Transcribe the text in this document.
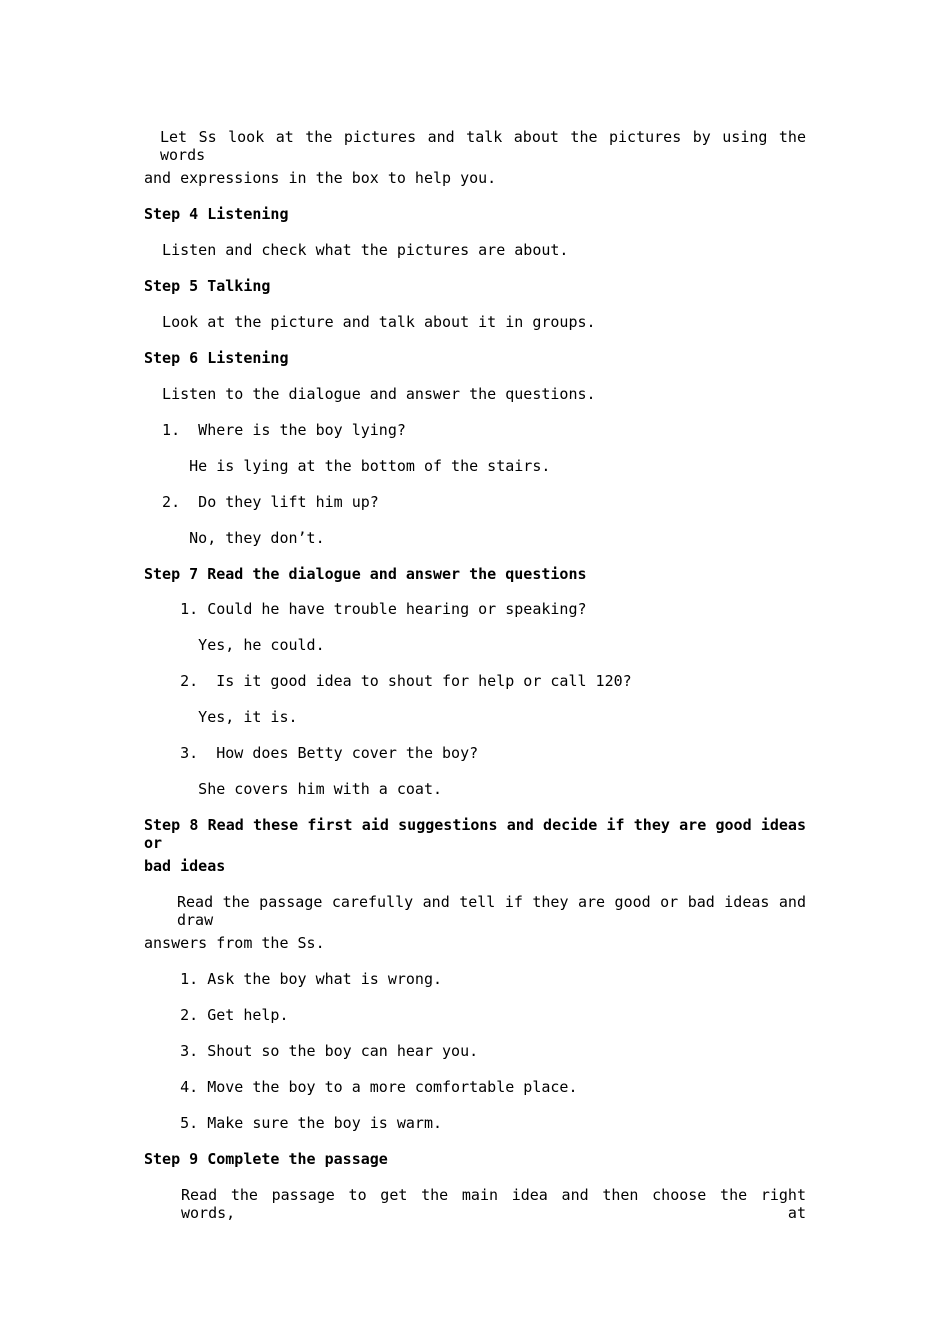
Let Ss look at the pictures and talk about the pictures by using the words
and expressions in the box to help you.
Step 4 Listening
Listen and check what the pictures are about.
Step 5 Talking
Look at the picture and talk about it in groups.
Step 6 Listening
Listen to the dialogue and answer the questions.
1.  Where is the boy lying?
He is lying at the bottom of the stairs.
2.  Do they lift him up?
No, they don’t.
Step 7 Read the dialogue and answer the questions
1. Could he have trouble hearing or speaking?
Yes, he could.
2.  Is it good idea to shout for help or call 120?
Yes, it is.
3.  How does Betty cover the boy?
She covers him with a coat.
Step 8 Read these first aid suggestions and decide if they are good ideas or
bad ideas
Read the passage carefully and tell if they are good or bad ideas and draw
answers from the Ss.
1. Ask the boy what is wrong.
2. Get help.
3. Shout so the boy can hear you.
4. Move the boy to a more comfortable place.
5. Make sure the boy is warm.
Step 9 Complete the passage
Read the passage to get the main idea and then choose the right words, at
